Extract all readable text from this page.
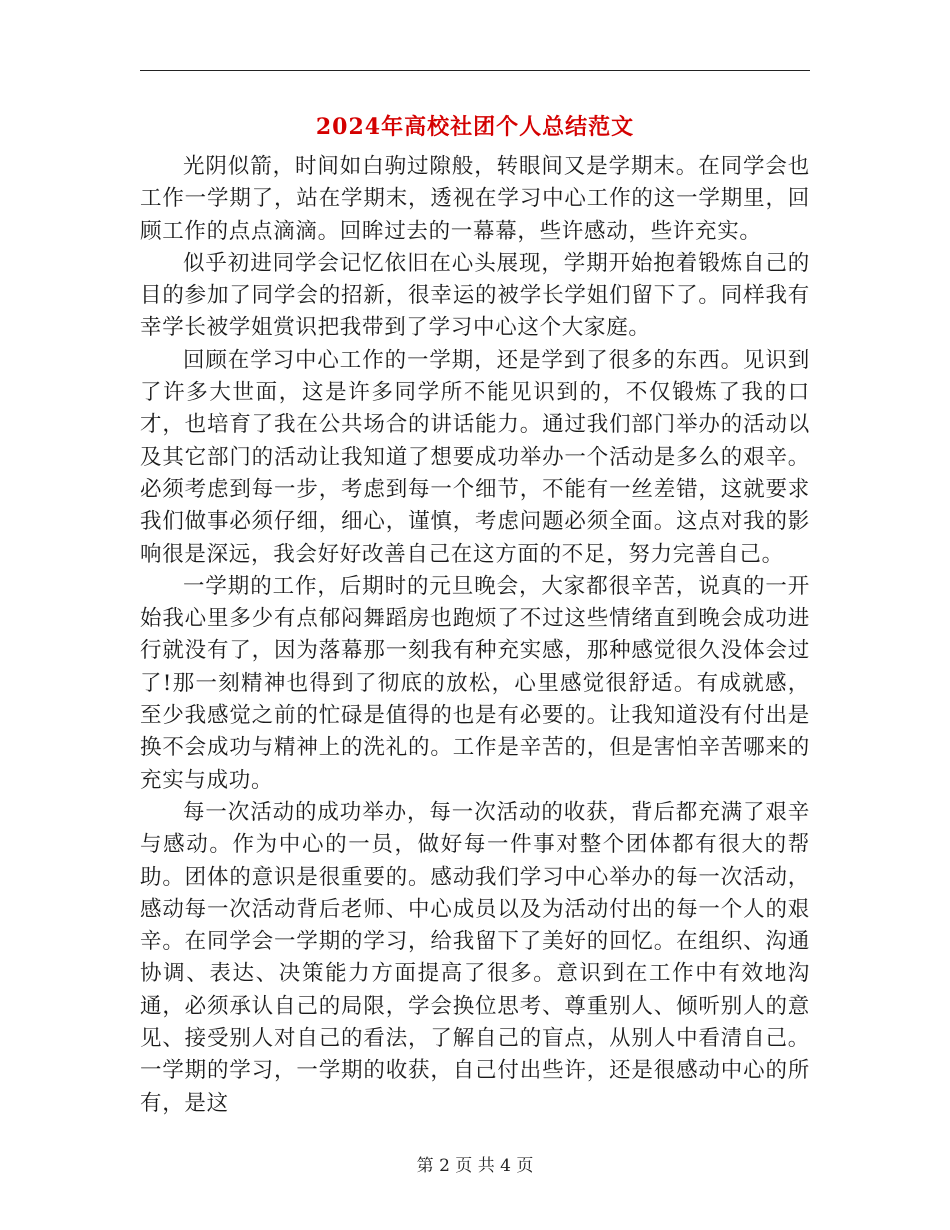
2024年高校社团个人总结范文

光阴似箭，时间如白驹过隙般，转眼间又是学期末。在同学会也工作一学期了，站在学期末，透视在学习中心工作的这一学期里，回顾工作的点点滴滴。回眸过去的一幕幕，些许感动，些许充实。

似乎初进同学会记忆依旧在心头展现，学期开始抱着锻炼自己的目的参加了同学会的招新，很幸运的被学长学姐们留下了。同样我有幸学长被学姐赏识把我带到了学习中心这个大家庭。

回顾在学习中心工作的一学期，还是学到了很多的东西。见识到了许多大世面，这是许多同学所不能见识到的，不仅锻炼了我的口才，也培育了我在公共场合的讲话能力。通过我们部门举办的活动以及其它部门的活动让我知道了想要成功举办一个活动是多么的艰辛。必须考虑到每一步，考虑到每一个细节，不能有一丝差错，这就要求我们做事必须仔细，细心，谨慎，考虑问题必须全面。这点对我的影响很是深远，我会好好改善自己在这方面的不足，努力完善自己。

一学期的工作，后期时的元旦晚会，大家都很辛苦，说真的一开始我心里多少有点郁闷舞蹈房也跑烦了不过这些情绪直到晚会成功进行就没有了，因为落幕那一刻我有种充实感，那种感觉很久没体会过了!那一刻精神也得到了彻底的放松，心里感觉很舒适。有成就感，至少我感觉之前的忙碌是值得的也是有必要的。让我知道没有付出是换不会成功与精神上的洗礼的。工作是辛苦的，但是害怕辛苦哪来的充实与成功。

每一次活动的成功举办，每一次活动的收获，背后都充满了艰辛与感动。作为中心的一员，做好每一件事对整个团体都有很大的帮助。团体的意识是很重要的。感动我们学习中心举办的每一次活动，感动每一次活动背后老师、中心成员以及为活动付出的每一个人的艰辛。在同学会一学期的学习，给我留下了美好的回忆。在组织、沟通协调、表达、决策能力方面提高了很多。意识到在工作中有效地沟通，必须承认自己的局限，学会换位思考、尊重别人、倾听别人的意见、接受别人对自己的看法，了解自己的盲点，从别人中看清自己。 一学期的学习，一学期的收获，自己付出些许，还是很感动中心的所有，是这

第 2 页 共 4 页
